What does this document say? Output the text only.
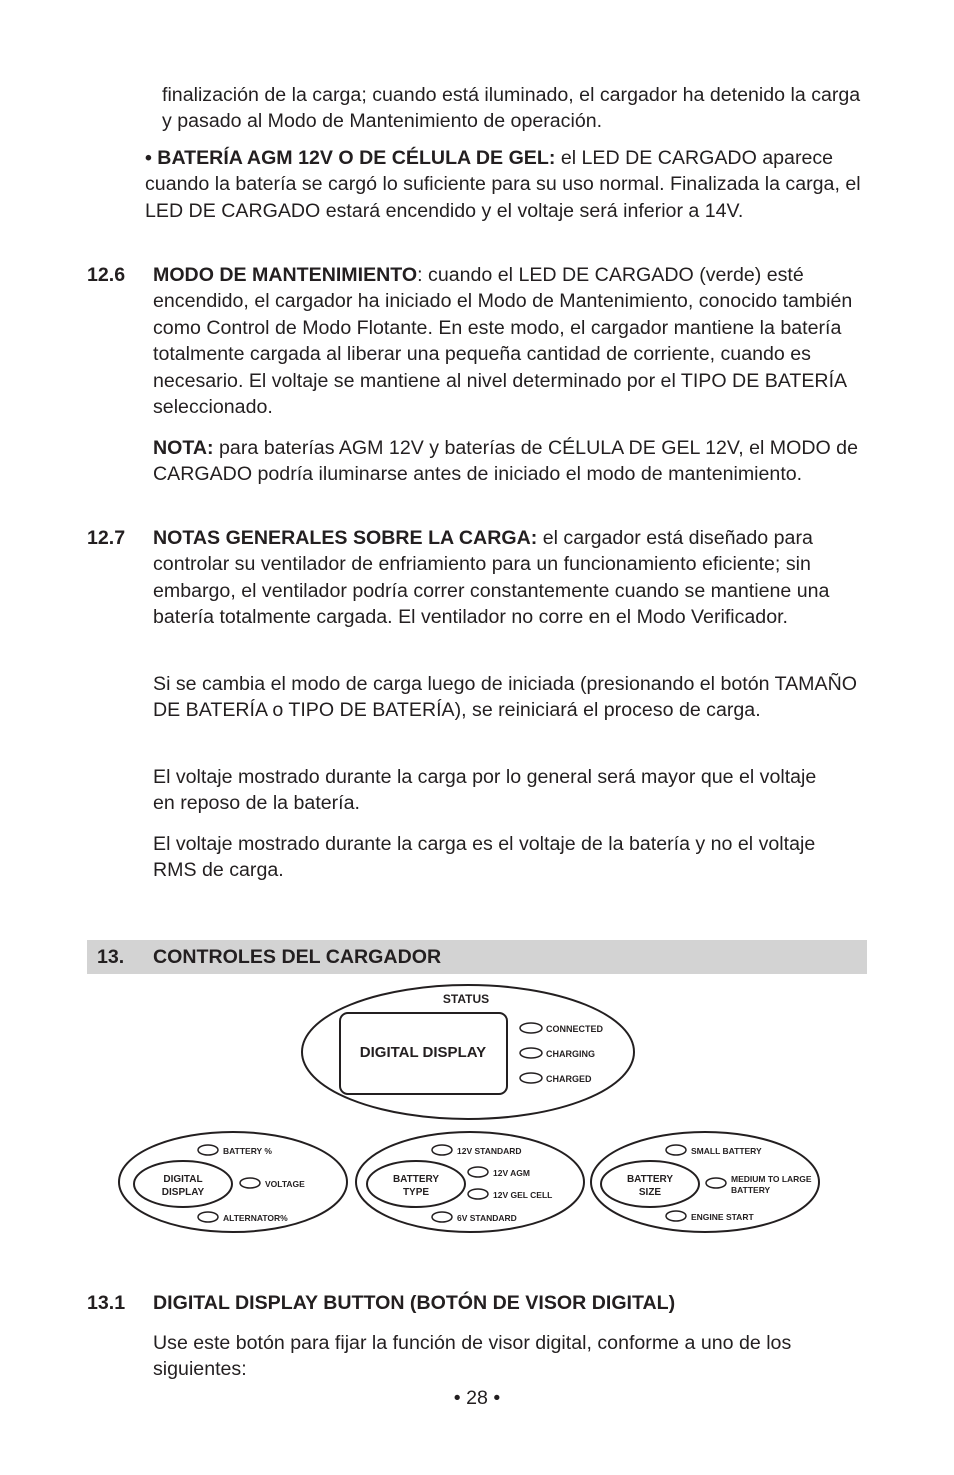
finalización de la carga; cuando está iluminado, el cargador ha detenido la carga y pasado al Modo de Mantenimiento de operación.

• BATERÍA AGM 12V O DE CÉLULA DE GEL: el LED DE CARGADO aparece cuando la batería se cargó lo suficiente para su uso normal. Finalizada la carga, el LED DE CARGADO estará encendido y el voltaje será inferior a 14V.

12.6 MODO DE MANTENIMIENTO: cuando el LED DE CARGADO (verde) esté encendido, el cargador ha iniciado el Modo de Mantenimiento, conocido también como Control de Modo Flotante. En este modo, el cargador mantiene la batería totalmente cargada al liberar una pequeña cantidad de corriente, cuando es necesario. El voltaje se mantiene al nivel determinado por el TIPO DE BATERÍA seleccionado.

NOTA: para baterías AGM 12V y baterías de CÉLULA DE GEL 12V, el MODO de CARGADO podría iluminarse antes de iniciado el modo de mantenimiento.

12.7 NOTAS GENERALES SOBRE LA CARGA: el cargador está diseñado para controlar su ventilador de enfriamiento para un funcionamiento eficiente; sin embargo, el ventilador podría correr constantemente cuando se mantiene una batería totalmente cargada. El ventilador no corre en el Modo Verificador.

Si se cambia el modo de carga luego de iniciada (presionando el botón TAMAÑO DE BATERÍA o TIPO DE BATERÍA), se reiniciará el proceso de carga.

El voltaje mostrado durante la carga por lo general será mayor que el voltaje en reposo de la batería.

El voltaje mostrado durante la carga es el voltaje de la batería y no el voltaje RMS de carga.

13. CONTROLES DEL CARGADOR
STATUS
DIGITAL DISPLAY
CONNECTED
CHARGING
CHARGED
DIGITAL
DISPLAY
BATTERY %
VOLTAGE
ALTERNATOR%
BATTERY
TYPE
12V STANDARD
12V AGM
12V GEL CELL
6V STANDARD
BATTERY
SIZE
SMALL BATTERY
MEDIUM TO LARGE
BATTERY
ENGINE START
13.1 DIGITAL DISPLAY BUTTON (BOTÓN DE VISOR DIGITAL)

Use este botón para fijar la función de visor digital, conforme a uno de los siguientes:

• 28 •
